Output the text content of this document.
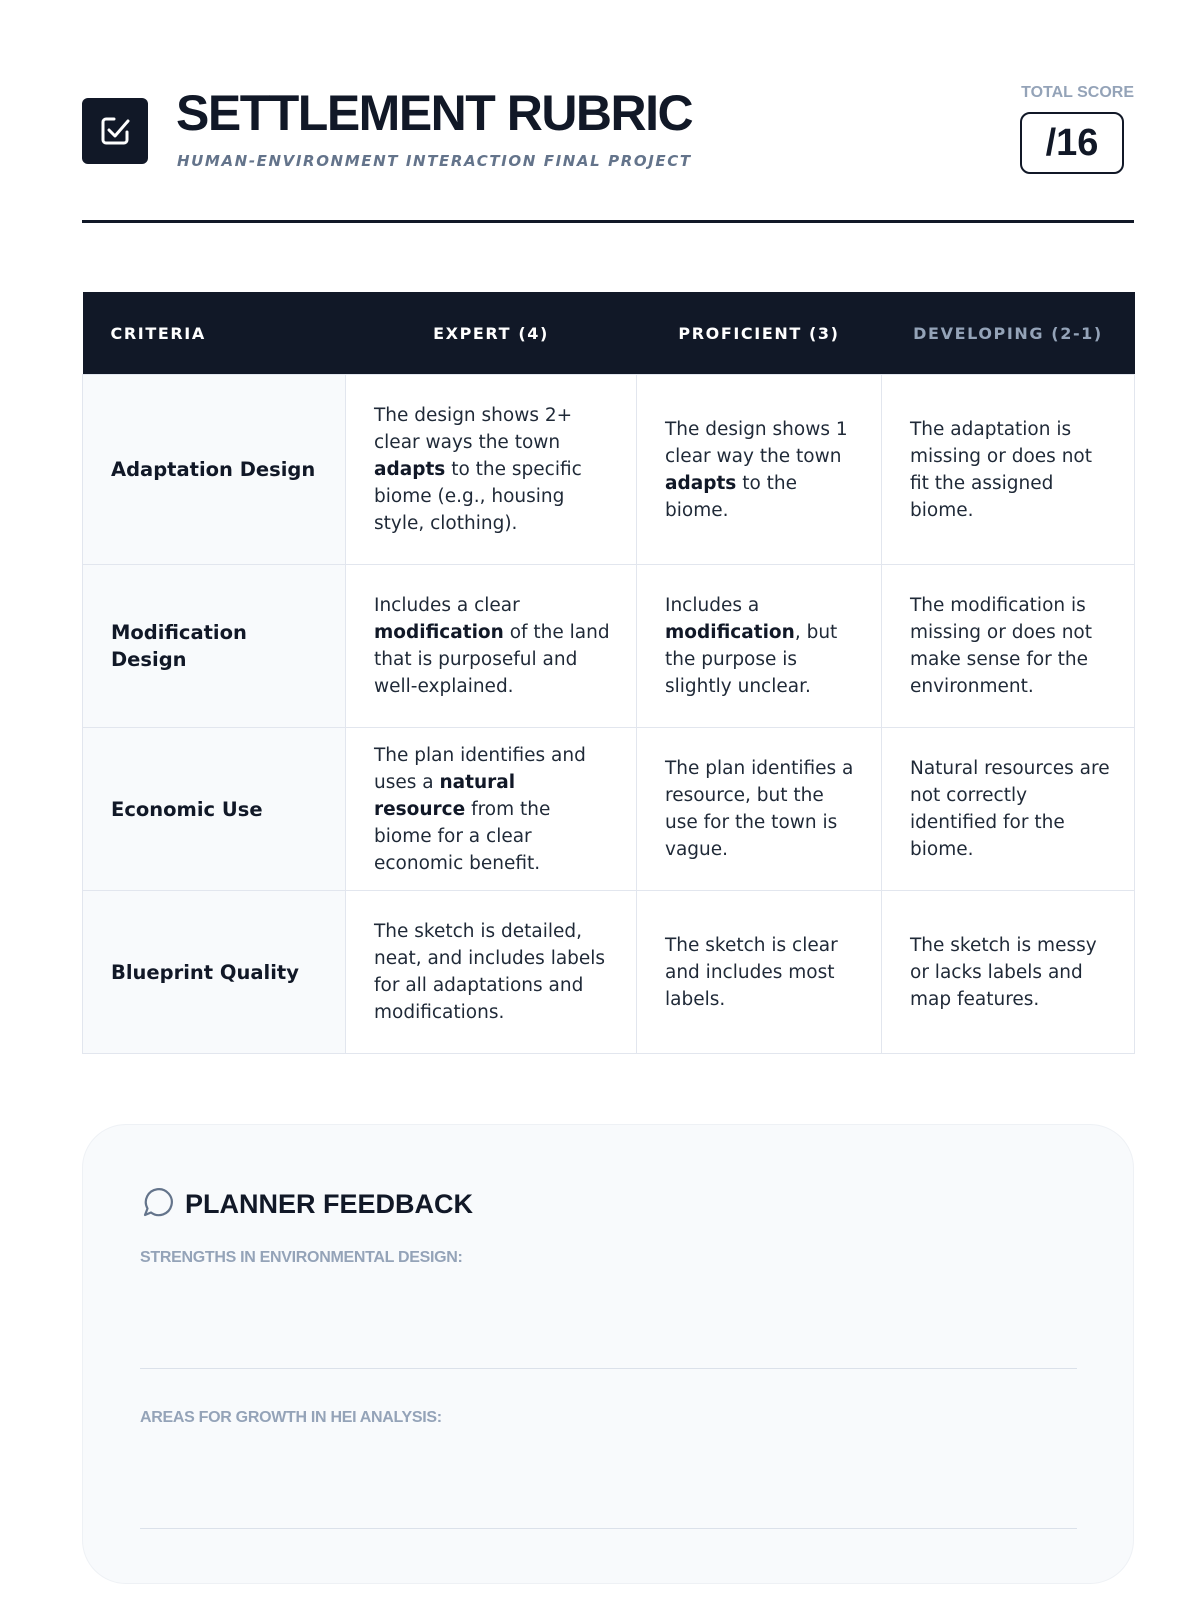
SETTLEMENT RUBRIC
HUMAN-ENVIRONMENT INTERACTION FINAL PROJECT
TOTAL SCORE
/16
CRITERIA	EXPERT (4)	PROFICIENT (3)	DEVELOPING (2-1)
Adaptation Design	The design shows 2+ clear ways the town adapts to the specific biome (e.g., housing style, clothing).	The design shows 1 clear way the town adapts to the biome.	The adaptation is missing or does not fit the assigned biome.
Modification Design	Includes a clear modification of the land that is purposeful and well-explained.	Includes a modification, but the purpose is slightly unclear.	The modification is missing or does not make sense for the environment.
Economic Use	The plan identifies and uses a natural resource from the biome for a clear economic benefit.	The plan identifies a resource, but the use for the town is vague.	Natural resources are not correctly identified for the biome.
Blueprint Quality	The sketch is detailed, neat, and includes labels for all adaptations and modifications.	The sketch is clear and includes most labels.	The sketch is messy or lacks labels and map features.
PLANNER FEEDBACK
STRENGTHS IN ENVIRONMENTAL DESIGN:
AREAS FOR GROWTH IN HEI ANALYSIS:
